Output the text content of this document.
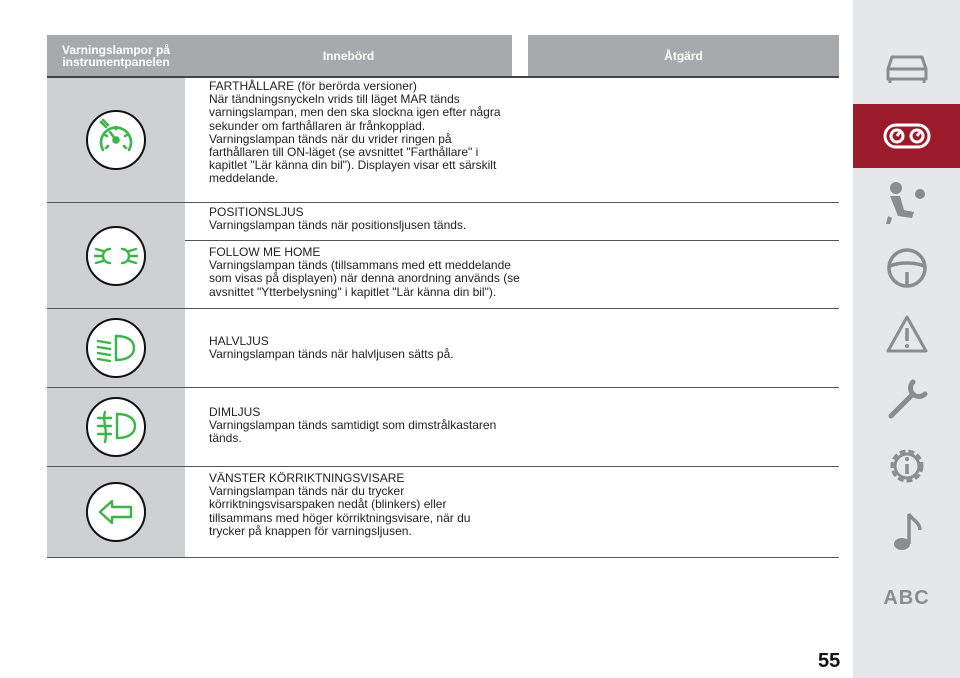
Varningslampor på instrumentpanelen	Innebörd	Åtgärd
FARTHÅLLARE (för berörda versioner)
När tändningsnyckeln vrids till läget MAR tänds
varningslampan, men den ska slockna igen efter några
sekunder om farthållaren är frånkopplad.
Varningslampan tänds när du vrider ringen på
farthållaren till ON-läget (se avsnittet "Farthållare" i
kapitlet "Lär känna din bil"). Displayen visar ett särskilt
meddelande.
POSITIONSLJUS
Varningslampan tänds när positionsljusen tänds.
FOLLOW ME HOME
Varningslampan tänds (tillsammans med ett meddelande
som visas på displayen) när denna anordning används (se
avsnittet "Ytterbelysning" i kapitlet "Lär känna din bil").
HALVLJUS
Varningslampan tänds när halvljusen sätts på.
DIMLJUS
Varningslampan tänds samtidigt som dimstrålkastaren
tänds.
VÄNSTER KÖRRIKTNINGSVISARE
Varningslampan tänds när du trycker
körriktningsvisarspaken nedåt (blinkers) eller
tillsammans med höger körriktningsvisare, när du
trycker på knappen för varningsljusen.
ABC
55
